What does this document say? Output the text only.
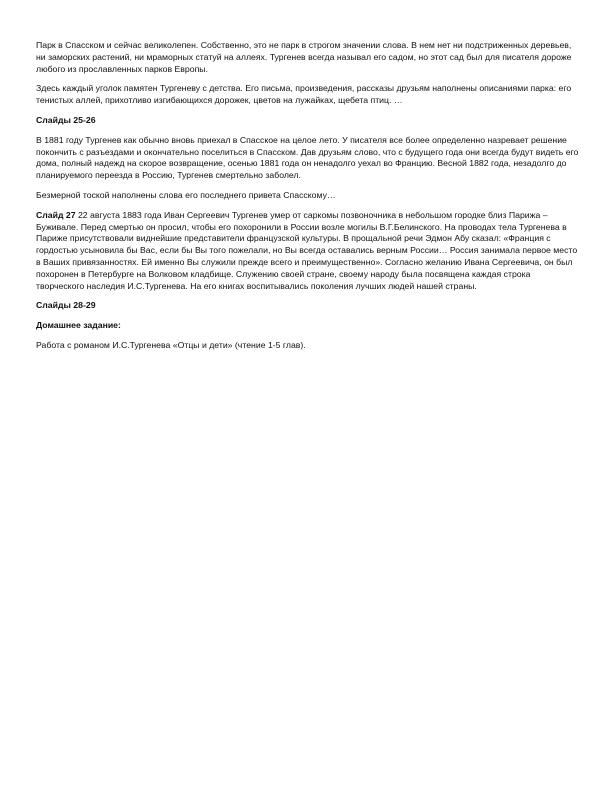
Парк в Спасском и сейчас великолепен. Собственно, это не парк в строгом значении слова. В нем нет ни подстриженных деревьев, ни заморских растений, ни мраморных статуй на аллеях. Тургенев всегда называл его садом, но этот сад был для писателя дороже любого из прославленных парков Европы.

Здесь каждый уголок памятен Тургеневу с детства. Его письма, произведения, рассказы друзьям наполнены описаниями парка: его тенистых аллей, прихотливо изгибающихся дорожек, цветов на лужайках, щебета птиц. …

Слайды 25-26

В 1881 году Тургенев как обычно вновь приехал в Спасское на целое лето. У писателя все более определенно назревает решение покончить с разъездами и окончательно поселиться в Спасском. Дав друзьям слово, что с будущего года они всегда будут видеть его дома, полный надежд на скорое возвращение, осенью 1881 года он ненадолго уехал во Францию. Весной 1882 года, незадолго до планируемого переезда в Россию, Тургенев смертельно заболел.

Безмерной тоской наполнены слова его последнего привета Спасскому…

Слайд 27 22 августа 1883 года Иван Сергеевич Тургенев умер от саркомы позвоночника в небольшом городке близ Парижа – Буживале. Перед смертью он просил, чтобы его похоронили в России возле могилы В.Г.Белинского. На проводах тела Тургенева в Париже присутствовали виднейшие представители французской культуры. В прощальной речи Эдмон Абу сказал: «Франция с гордостью усыновила бы Вас, если бы Вы того пожелали, но Вы всегда оставались верным России… Россия занимала первое место в Ваших привязанностях. Ей именно Вы служили прежде всего и преимущественно». Согласно желанию Ивана Сергеевича, он был похоронен в Петербурге на Волковом кладбище. Служению своей стране, своему народу была посвящена каждая строка творческого наследия И.С.Тургенева. На его книгах воспитывались поколения лучших людей нашей страны.

Слайды 28-29

Домашнее задание:

Работа с романом И.С.Тургенева «Отцы и дети» (чтение 1-5 глав).
